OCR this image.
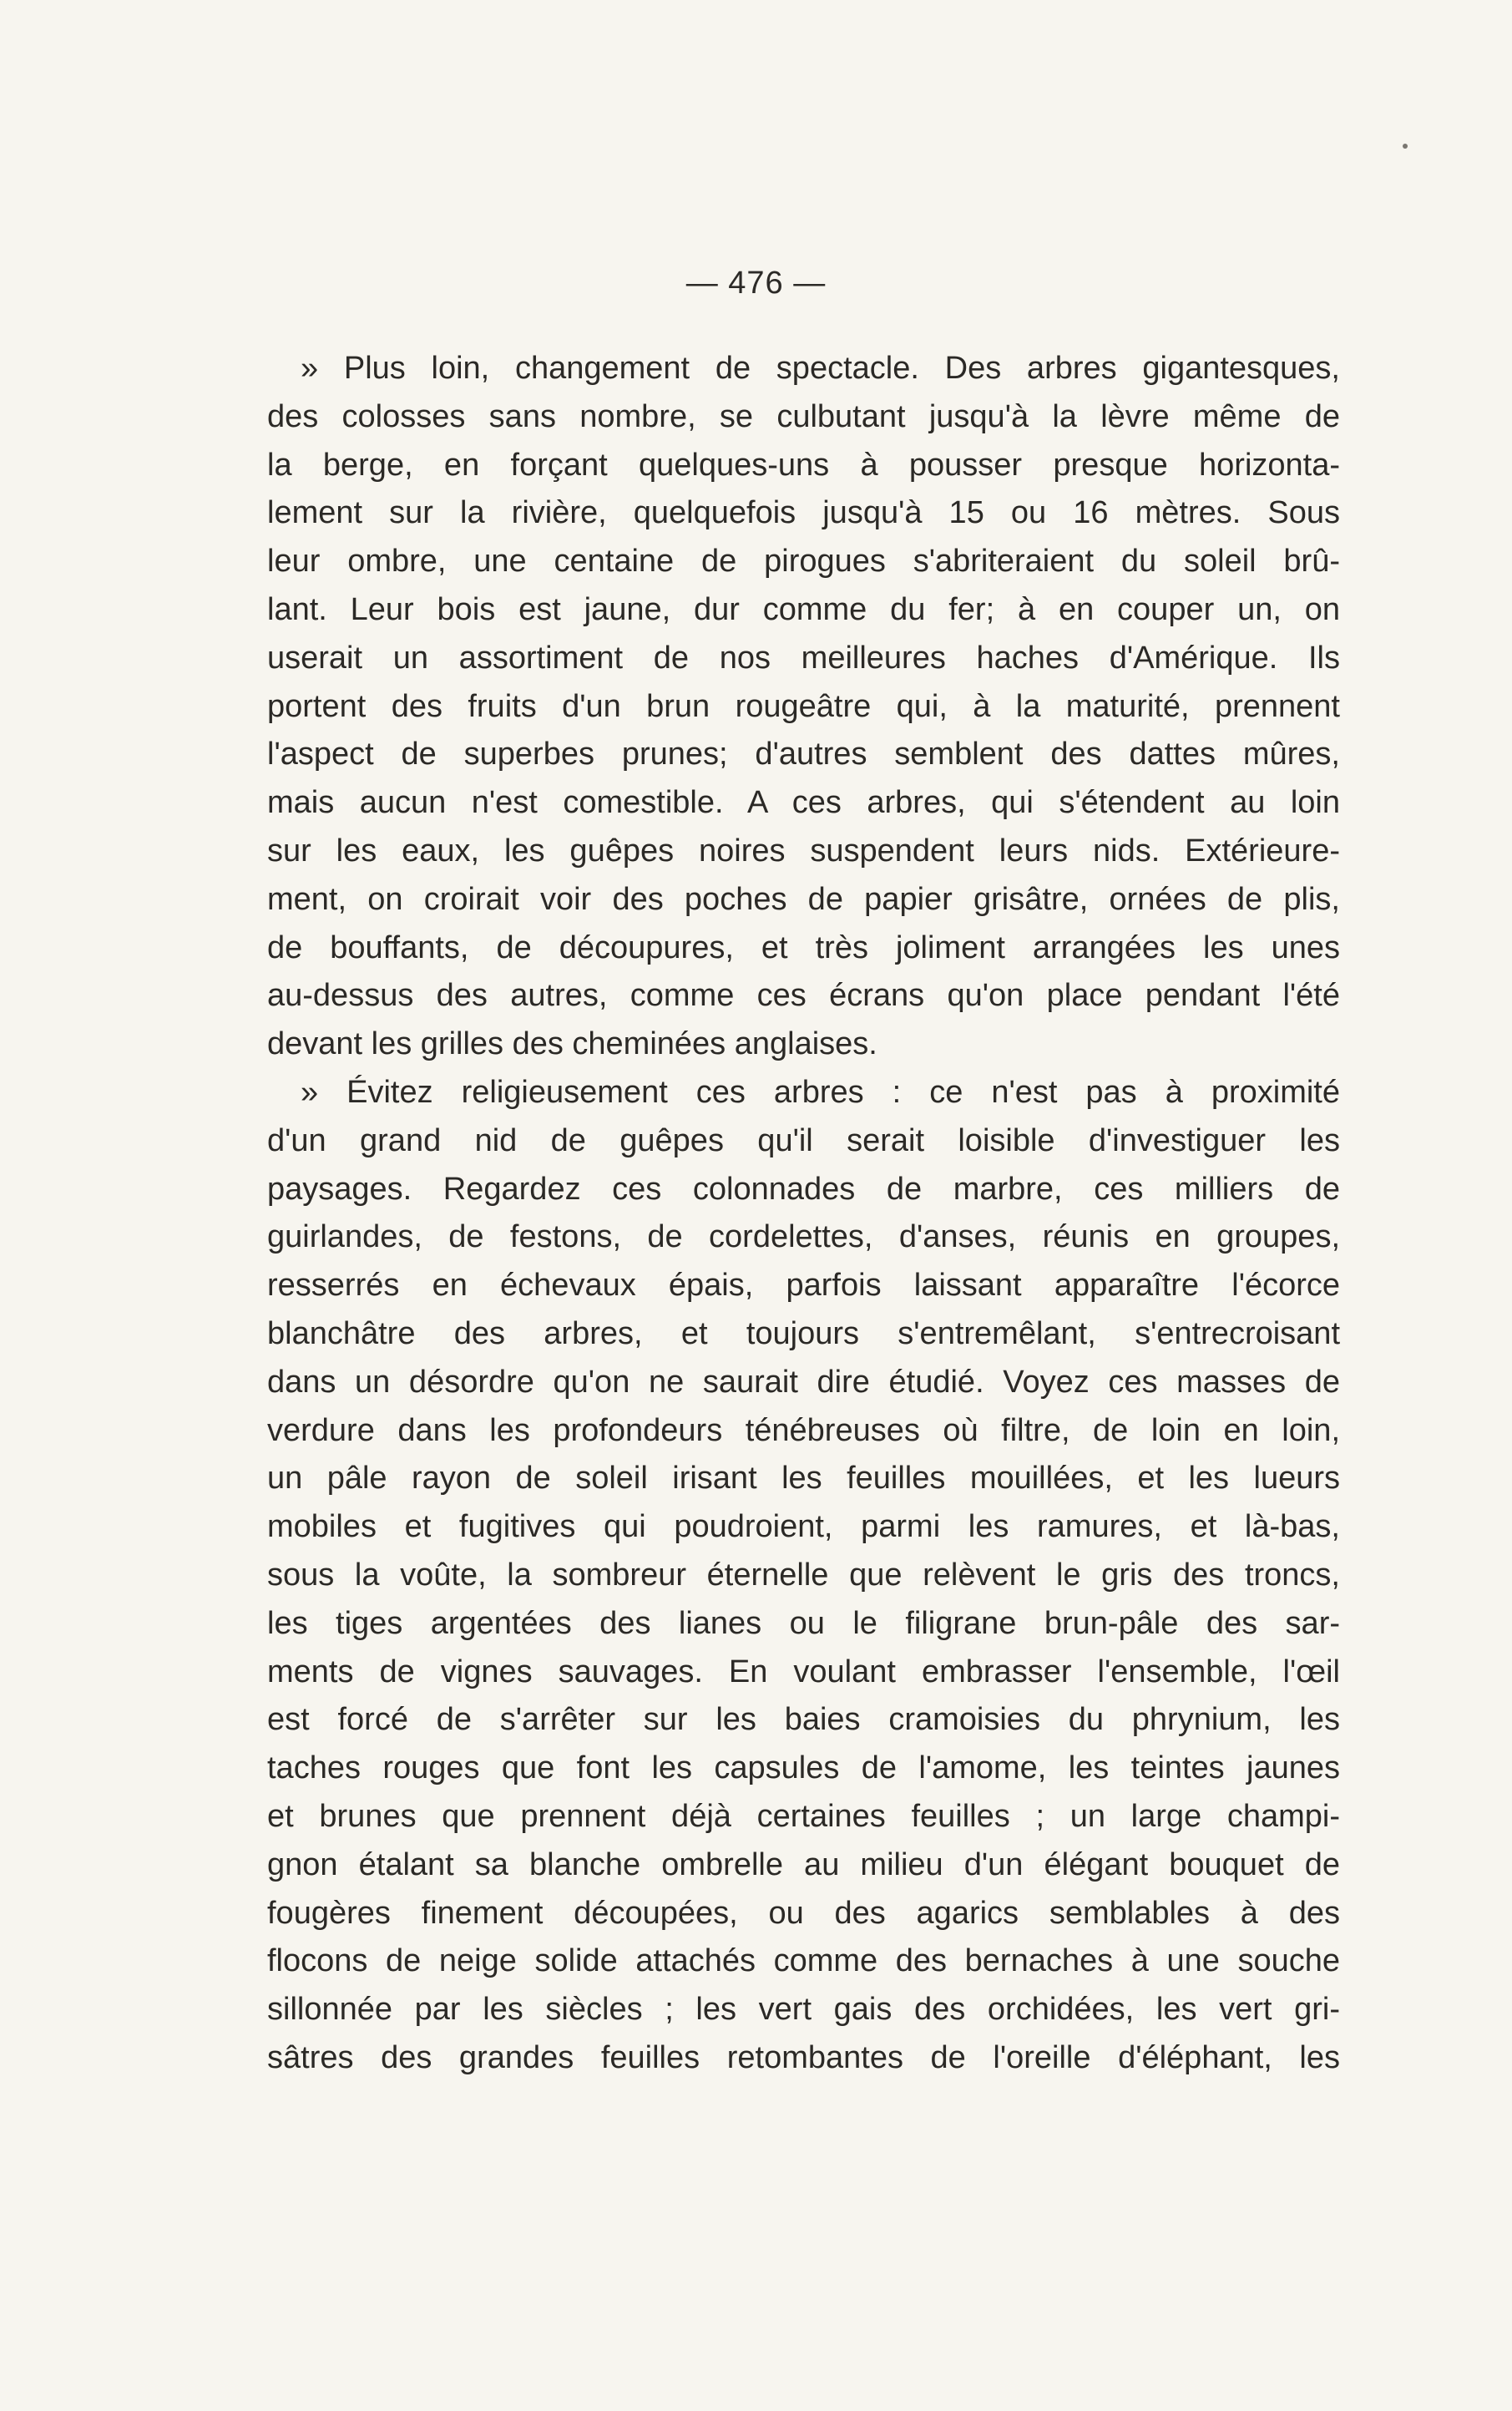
— 476 —
» Plus loin, changement de spectacle. Des arbres gigantesques,
des colosses sans nombre, se culbutant jusqu'à la lèvre même de
la berge, en forçant quelques-uns à pousser presque horizonta-
lement sur la rivière, quelquefois jusqu'à 15 ou 16 mètres. Sous
leur ombre, une centaine de pirogues s'abriteraient du soleil brû-
lant. Leur bois est jaune, dur comme du fer; à en couper un, on
userait un assortiment de nos meilleures haches d'Amérique. Ils
portent des fruits d'un brun rougeâtre qui, à la maturité, prennent
l'aspect de superbes prunes; d'autres semblent des dattes mûres,
mais aucun n'est comestible. A ces arbres, qui s'étendent au loin
sur les eaux, les guêpes noires suspendent leurs nids. Extérieure-
ment, on croirait voir des poches de papier grisâtre, ornées de plis,
de bouffants, de découpures, et très joliment arrangées les unes
au-dessus des autres, comme ces écrans qu'on place pendant l'été
devant les grilles des cheminées anglaises.
» Évitez religieusement ces arbres : ce n'est pas à proximité
d'un grand nid de guêpes qu'il serait loisible d'investiguer les
paysages. Regardez ces colonnades de marbre, ces milliers de
guirlandes, de festons, de cordelettes, d'anses, réunis en groupes,
resserrés en échevaux épais, parfois laissant apparaître l'écorce
blanchâtre des arbres, et toujours s'entremêlant, s'entrecroisant
dans un désordre qu'on ne saurait dire étudié. Voyez ces masses de
verdure dans les profondeurs ténébreuses où filtre, de loin en loin,
un pâle rayon de soleil irisant les feuilles mouillées, et les lueurs
mobiles et fugitives qui poudroient, parmi les ramures, et là-bas,
sous la voûte, la sombreur éternelle que relèvent le gris des troncs,
les tiges argentées des lianes ou le filigrane brun-pâle des sar-
ments de vignes sauvages. En voulant embrasser l'ensemble, l'œil
est forcé de s'arrêter sur les baies cramoisies du phrynium, les
taches rouges que font les capsules de l'amome, les teintes jaunes
et brunes que prennent déjà certaines feuilles ; un large champi-
gnon étalant sa blanche ombrelle au milieu d'un élégant bouquet de
fougères finement découpées, ou des agarics semblables à des
flocons de neige solide attachés comme des bernaches à une souche
sillonnée par les siècles ; les vert gais des orchidées, les vert gri-
sâtres des grandes feuilles retombantes de l'oreille d'éléphant, les
